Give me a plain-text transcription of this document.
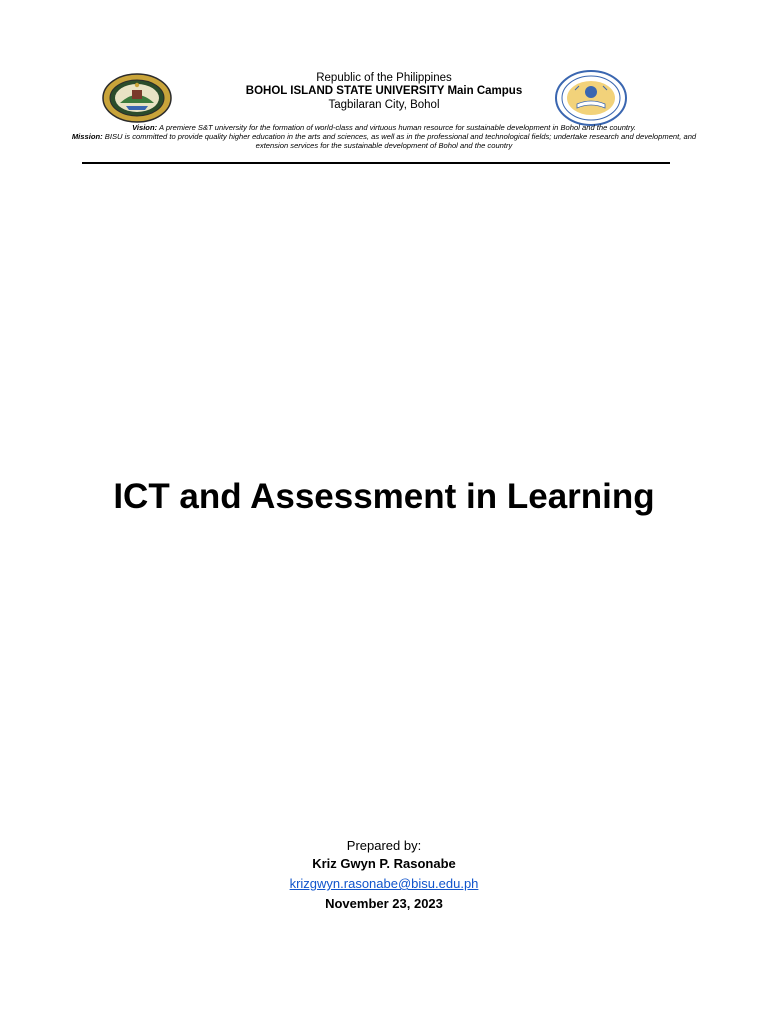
Republic of the Philippines
BOHOL ISLAND STATE UNIVERSITY Main Campus
Tagbilaran City, Bohol
Vision: A premiere S&T university for the formation of world-class and virtuous human resource for sustainable development in Bohol and the country.
Mission: BISU is committed to provide quality higher education in the arts and sciences, as well as in the professional and technological fields; undertake research and development, and extension services for the sustainable development of Bohol and the country
ICT and Assessment in Learning
Prepared by:
Kriz Gwyn P. Rasonabe
krizgwyn.rasonabe@bisu.edu.ph
November 23, 2023
